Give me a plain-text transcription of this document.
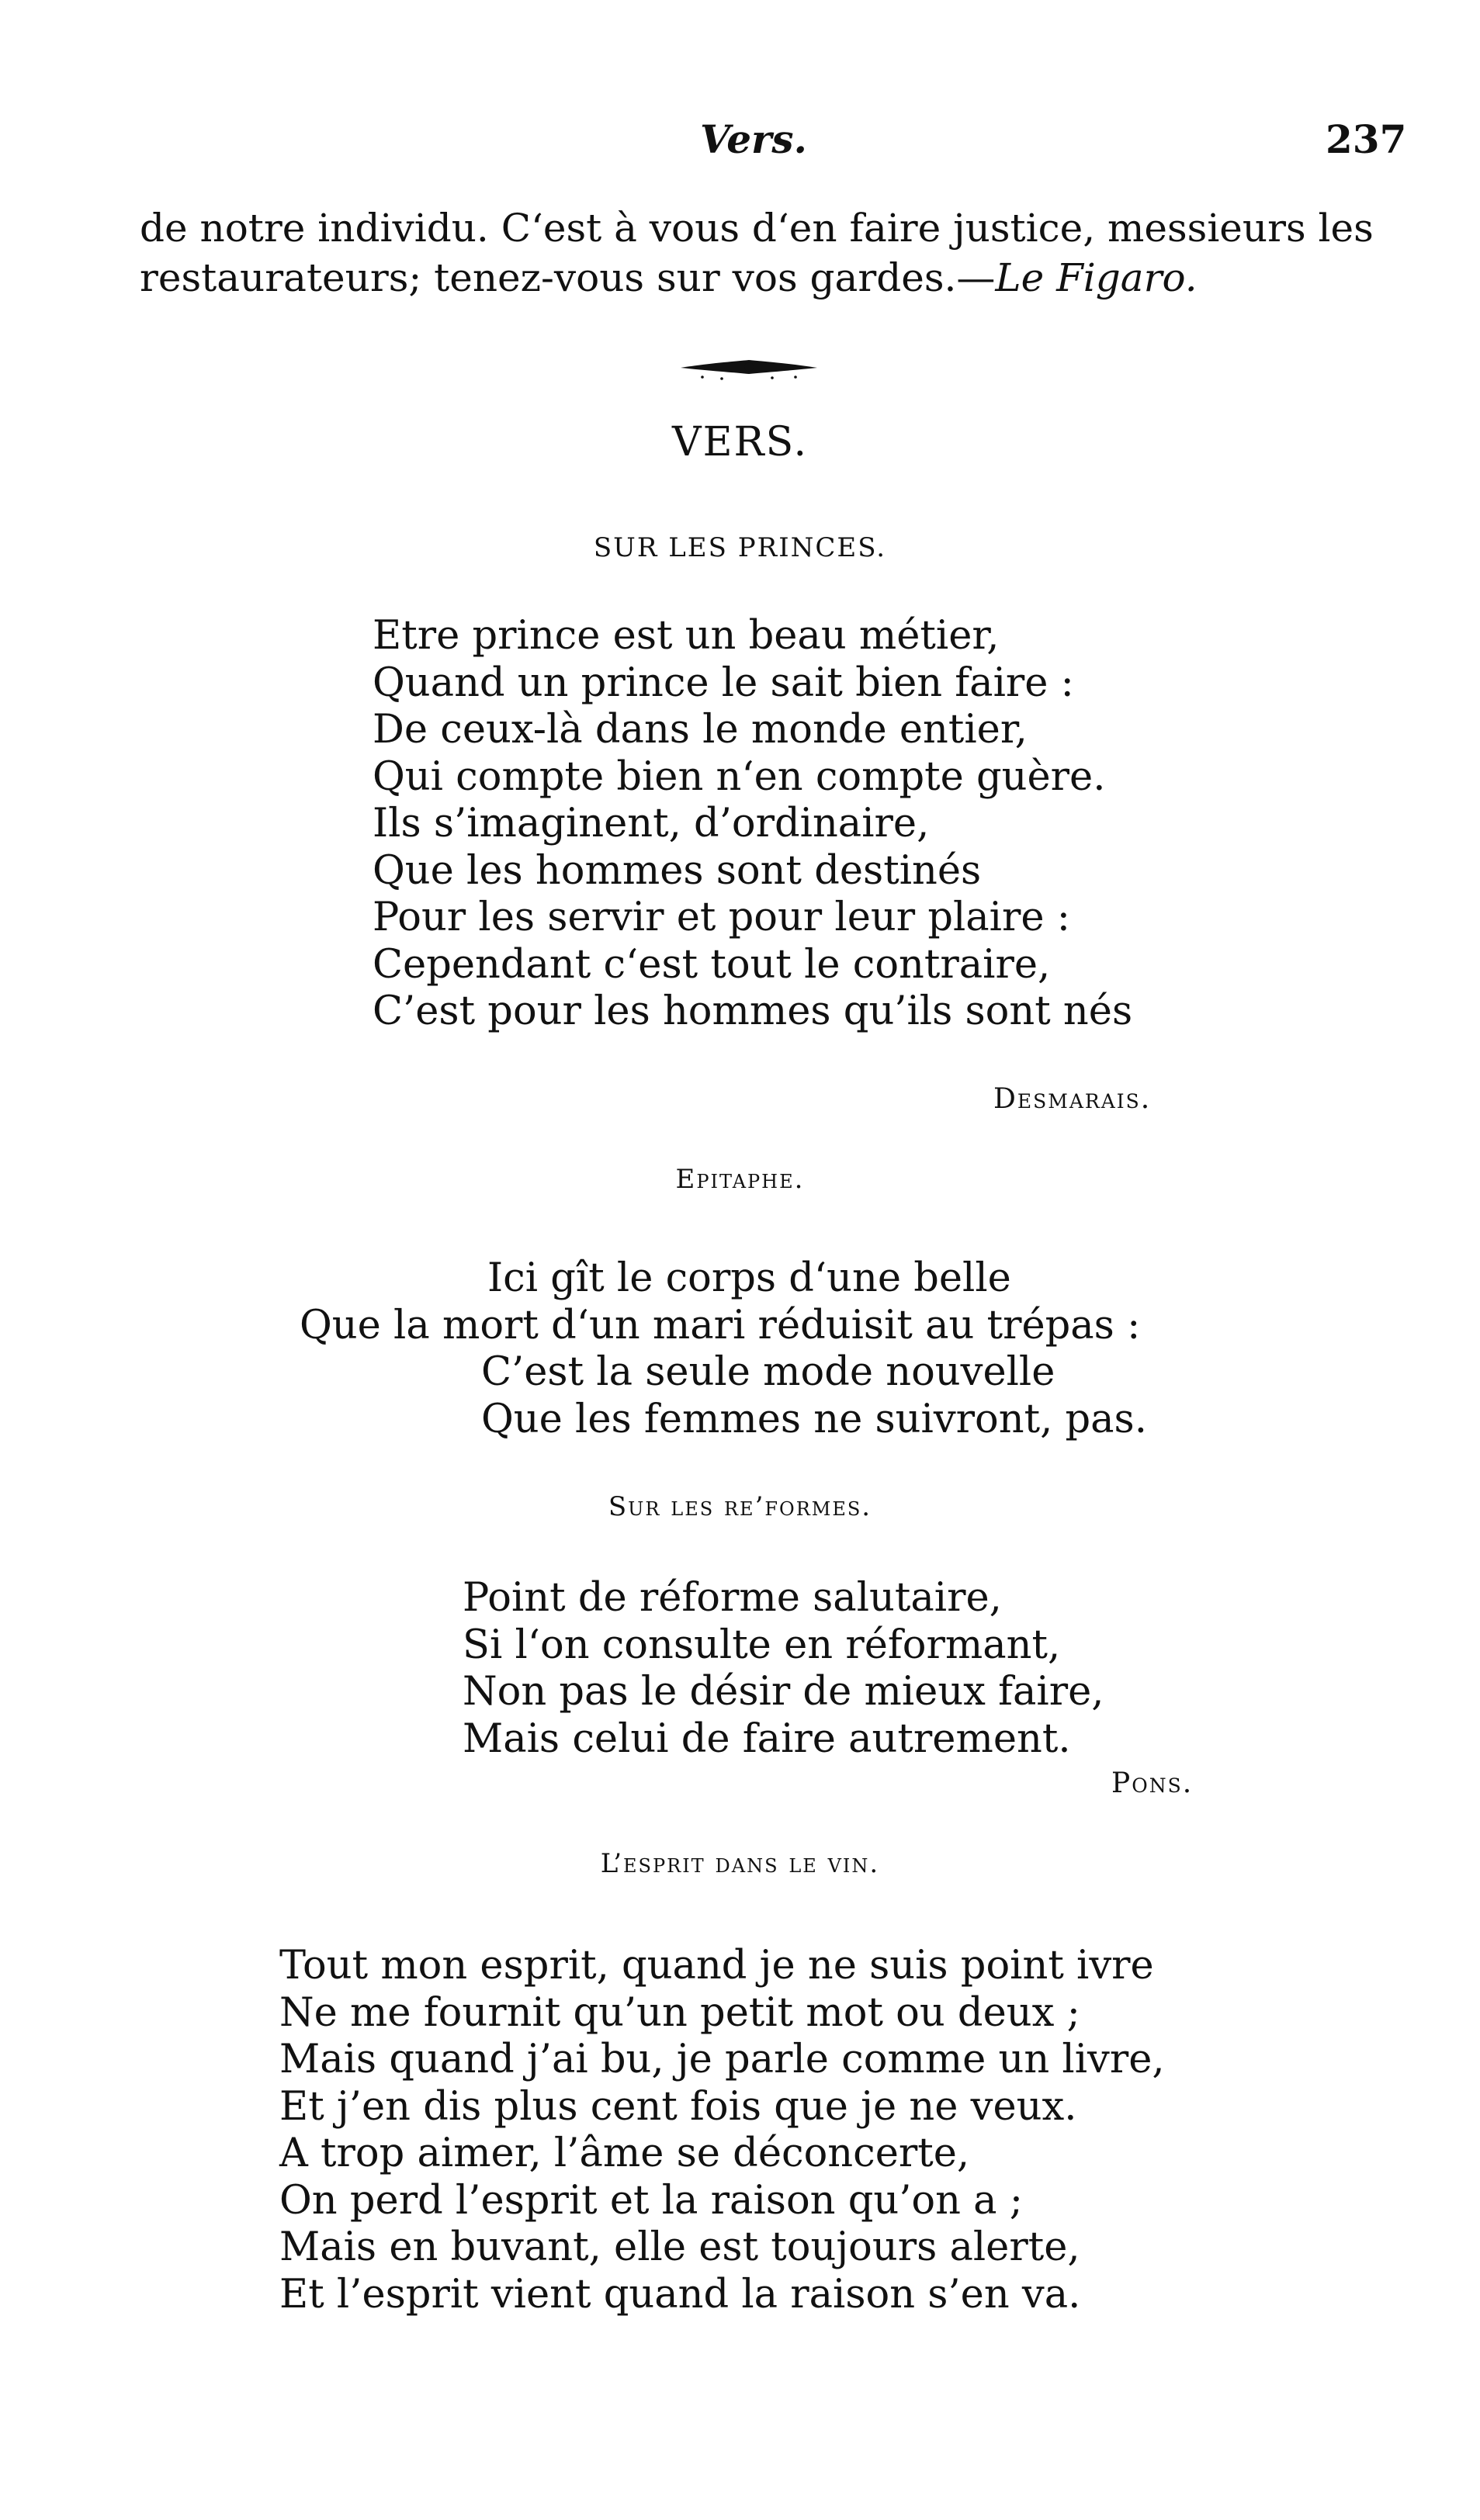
Vers.	237
de notre individu. C‘est à vous d‘en faire justice, messieurs les
restaurateurs; tenez-vous sur vos gardes.—Le Figaro.
VERS.
SUR LES PRINCES.
Etre prince est un beau métier,
Quand un prince le sait bien faire :
De ceux-là dans le monde entier,
Qui compte bien n‘en compte guère.
Ils s’imaginent, d’ordinaire,
Que les hommes sont destinés
Pour les servir et pour leur plaire :
Cependant c‘est tout le contraire,
C’est pour les hommes qu’ils sont nés
Desmarais.
Epitaphe.
Ici gît le corps d‘une belle
Que la mort d‘un mari réduisit au trépas :
C’est la seule mode nouvelle
Que les femmes ne suivront, pas.
Sur les re’formes.
Point de réforme salutaire,
Si l‘on consulte en réformant,
Non pas le désir de mieux faire,
Mais celui de faire autrement.
Pons.
L’esprit dans le vin.
Tout mon esprit, quand je ne suis point ivre
Ne me fournit qu’un petit mot ou deux ;
Mais quand j’ai bu, je parle comme un livre,
Et j’en dis plus cent fois que je ne veux.
A trop aimer, l’âme se déconcerte,
On perd l’esprit et la raison qu’on a ;
Mais en buvant, elle est toujours alerte,
Et l’esprit vient quand la raison s’en va.
